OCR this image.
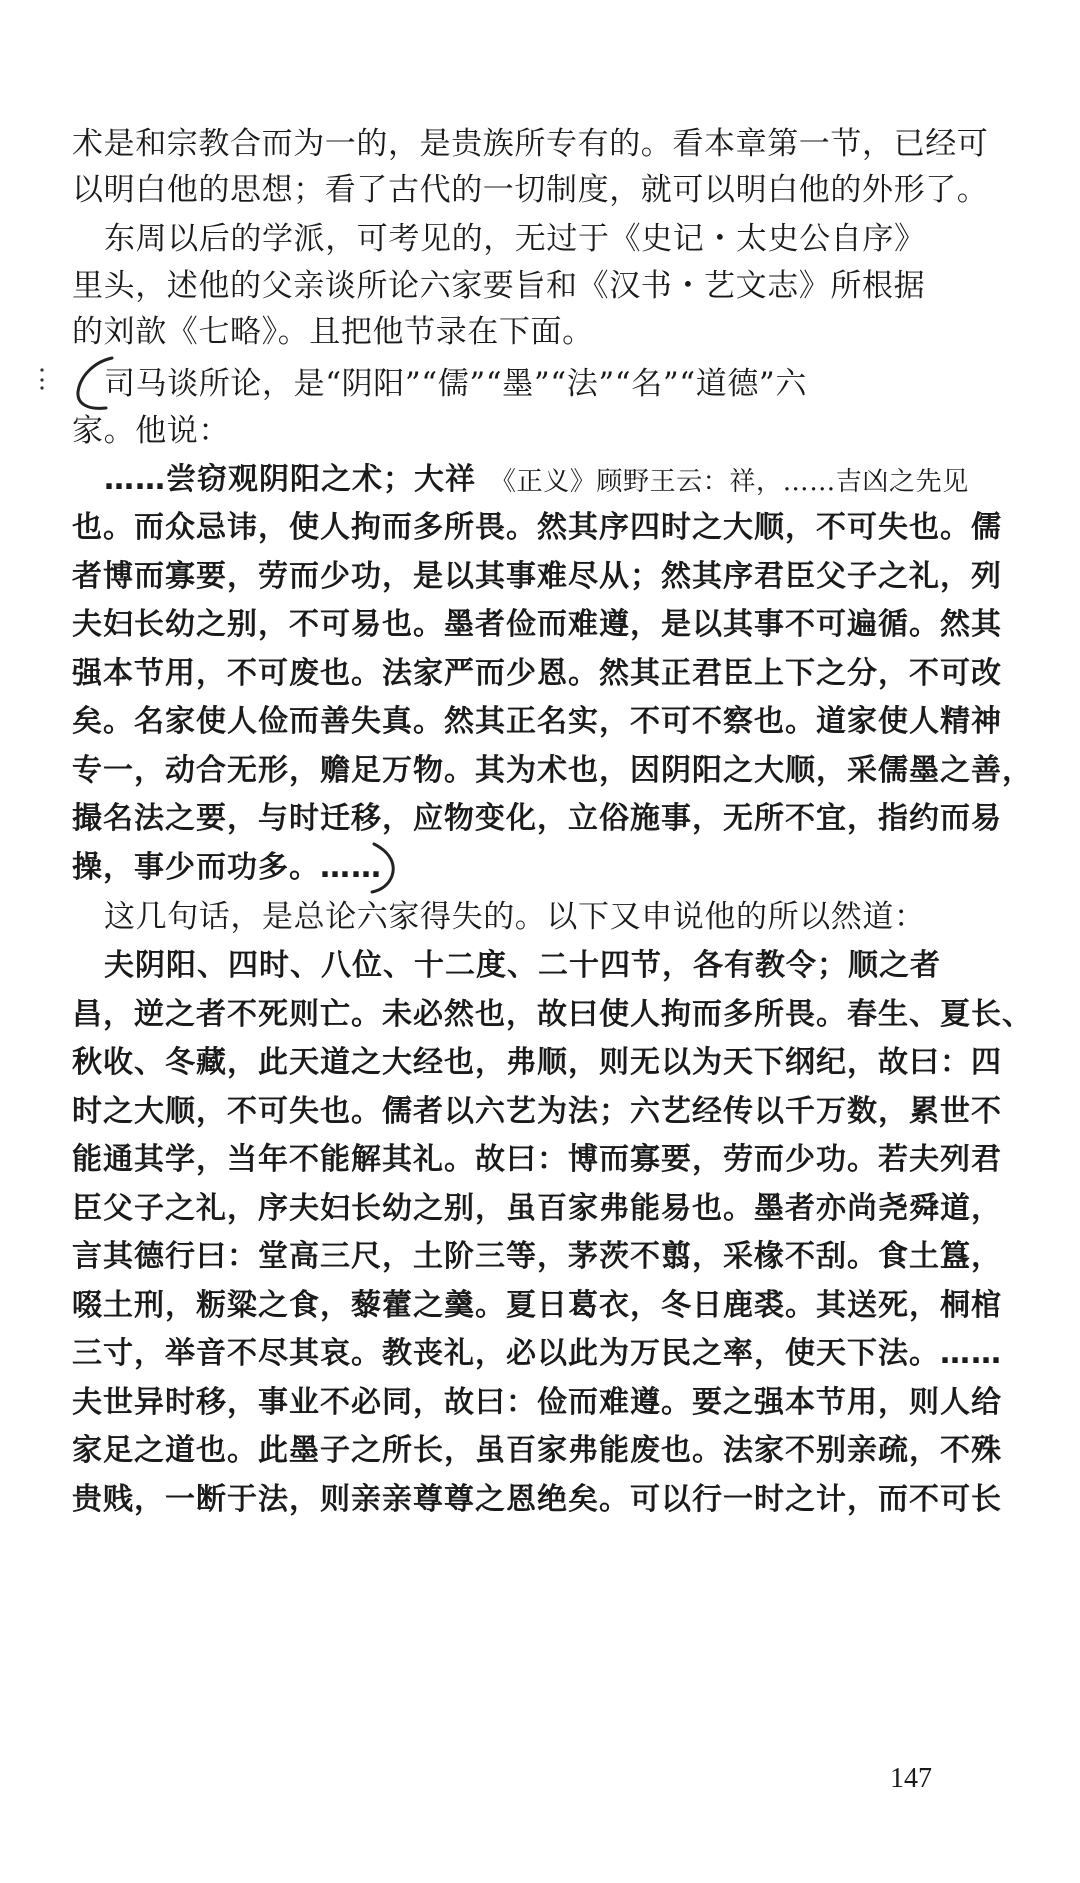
术是和宗教合而为一的，是贵族所专有的。看本章第一节，已经可
以明白他的思想；看了古代的一切制度，就可以明白他的外形了。
东周以后的学派，可考见的，无过于《史记・太史公自序》
里头，述他的父亲谈所论六家要旨和《汉书・艺文志》所根据
的刘歆《七略》。且把他节录在下面。
司马谈所论，是“阴阳”“儒”“墨”“法”“名”“道德”六
家。他说：
……尝窃观阴阳之术；大祥 《正义》顾野王云：祥，……吉凶之先见
也。而众忌讳，使人拘而多所畏。然其序四时之大顺，不可失也。儒
者博而寡要，劳而少功，是以其事难尽从；然其序君臣父子之礼，列
夫妇长幼之别，不可易也。墨者俭而难遵，是以其事不可遍循。然其
强本节用，不可废也。法家严而少恩。然其正君臣上下之分，不可改
矣。名家使人俭而善失真。然其正名实，不可不察也。道家使人精神
专一，动合无形，赡足万物。其为术也，因阴阳之大顺，采儒墨之善，
撮名法之要，与时迁移，应物变化，立俗施事，无所不宜，指约而易
操，事少而功多。……
这几句话，是总论六家得失的。以下又申说他的所以然道：
夫阴阳、四时、八位、十二度、二十四节，各有教令；顺之者
昌，逆之者不死则亡。未必然也，故曰使人拘而多所畏。春生、夏长、
秋收、冬藏，此天道之大经也，弗顺，则无以为天下纲纪，故曰：四
时之大顺，不可失也。儒者以六艺为法；六艺经传以千万数，累世不
能通其学，当年不能解其礼。故曰：博而寡要，劳而少功。若夫列君
臣父子之礼，序夫妇长幼之别，虽百家弗能易也。墨者亦尚尧舜道，
言其德行曰：堂高三尺，土阶三等，茅茨不翦，采椽不刮。食土簋，
啜土刑，粝粱之食，藜藿之羹。夏日葛衣，冬日鹿裘。其送死，桐棺
三寸，举音不尽其哀。教丧礼，必以此为万民之率，使天下法。……
夫世异时移，事业不必同，故曰：俭而难遵。要之强本节用，则人给
家足之道也。此墨子之所长，虽百家弗能废也。法家不别亲疏，不殊
贵贱，一断于法，则亲亲尊尊之恩绝矣。可以行一时之计，而不可长
147
